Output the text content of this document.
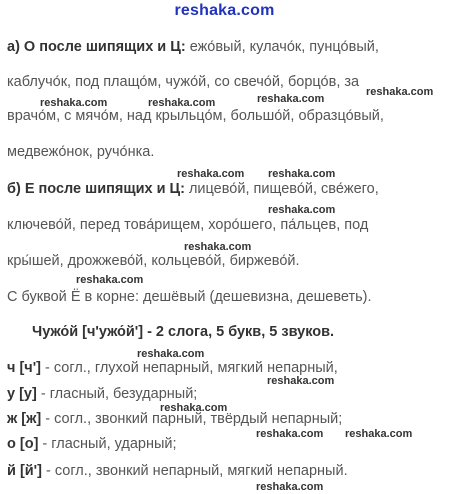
reshaka.com
а) О после шипящих и Ц: ежо́вый, кулачо́к, пунцо́вый,
каблучо́к, под плащо́м, чужо́й, со свечо́й, борцо́в, за
врачо́м, с мячо́м, над крыльцо́м, большо́й, образцо́вый,
медвежо́нок, ручо́нка.
б) Е после шипящих и Ц: лицево́й, пищево́й, све́жего,
ключево́й, перед това́рищем, хоро́шего, па́льцев, под
кры́шей, дрожжево́й, кольцево́й, биржево́й.
С буквой Ё в корне: дешёвый (дешевизна, дешеветь).
Чужо́й [ч'ужо́й'] - 2 слога, 5 букв, 5 звуков.
ч [ч'] - согл., глухой непарный, мягкий непарный,
у [у] - гласный, безударный;
ж [ж] - согл., звонкий парный, твёрдый непарный;
о [о] - гласный, ударный;
й [й'] - согл., звонкий непарный, мягкий непарный.
reshaka.com
reshaka.com	reshaka.com	reshaka.com
reshaka.com reshaka.com
reshaka.com
reshaka.com
reshaka.com
reshaka.com
reshaka.com
reshaka.com
reshaka.com reshaka.com
reshaka.com
